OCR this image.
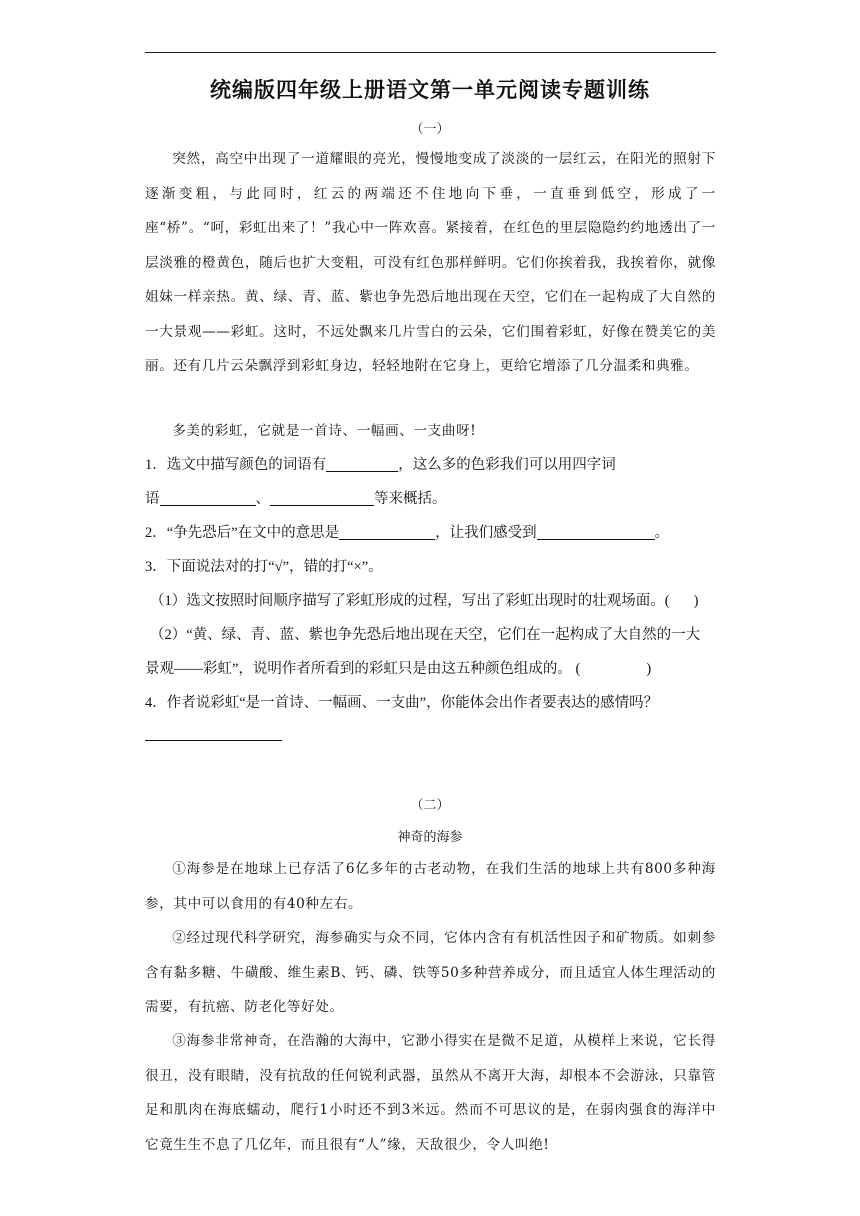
统编版四年级上册语文第一单元阅读专题训练
（一）

突然，高空中出现了一道耀眼的亮光，慢慢地变成了淡淡的一层红云，在阳光的照射下逐渐变粗，与此同时，红云的两端还不住地向下垂，一直垂到低空，形成了一座“桥”。“呵，彩虹出来了！”我心中一阵欢喜。紧接着，在红色的里层隐隐约约地透出了一层淡雅的橙黄色，随后也扩大变粗，可没有红色那样鲜明。它们你挨着我，我挨着你，就像姐妹一样亲热。黄、绿、青、蓝、紫也争先恐后地出现在天空，它们在一起构成了大自然的一大景观——彩虹。这时，不远处飘来几片雪白的云朵，它们围着彩虹，好像在赞美它的美丽。还有几片云朵飘浮到彩虹身边，轻轻地附在它身上，更给它增添了几分温柔和典雅。

多美的彩虹，它就是一首诗、一幅画、一支曲呀!

1．选文中描写颜色的词语有	，这么多的色彩我们可以用四字词
语	、	等来概括。
2．“争先恐后”在文中的意思是	，让我们感受到	。
3．下面说法对的打“√”，错的打“×”。
（1）选文按照时间顺序描写了彩虹形成的过程，写出了彩虹出现时的壮观场面。( )
（2）“黄、绿、青、蓝、紫也争先恐后地出现在天空，它们在一起构成了大自然的一大
景观——彩虹”，说明作者所看到的彩虹只是由这五种颜色组成的。 (	)
4．作者说彩虹“是一首诗、一幅画、一支曲”，你能体会出作者要表达的感情吗？
（二）
神奇的海参

①海参是在地球上已存活了6亿多年的古老动物，在我们生活的地球上共有800多种海参，其中可以食用的有40种左右。

②经过现代科学研究，海参确实与众不同，它体内含有有机活性因子和矿物质。如刺参含有黏多糖、牛磺酸、维生素B、钙、磷、铁等50多种营养成分，而且适宜人体生理活动的需要，有抗癌、防老化等好处。

③海参非常神奇，在浩瀚的大海中，它渺小得实在是微不足道，从模样上来说，它长得很丑，没有眼睛，没有抗敌的任何锐利武器，虽然从不离开大海，却根本不会游泳，只靠管足和肌肉在海底蠕动，爬行1小时还不到3米远。然而不可思议的是，在弱肉强食的海洋中它竟生生不息了几亿年，而且很有“人”缘，天敌很少，令人叫绝!
